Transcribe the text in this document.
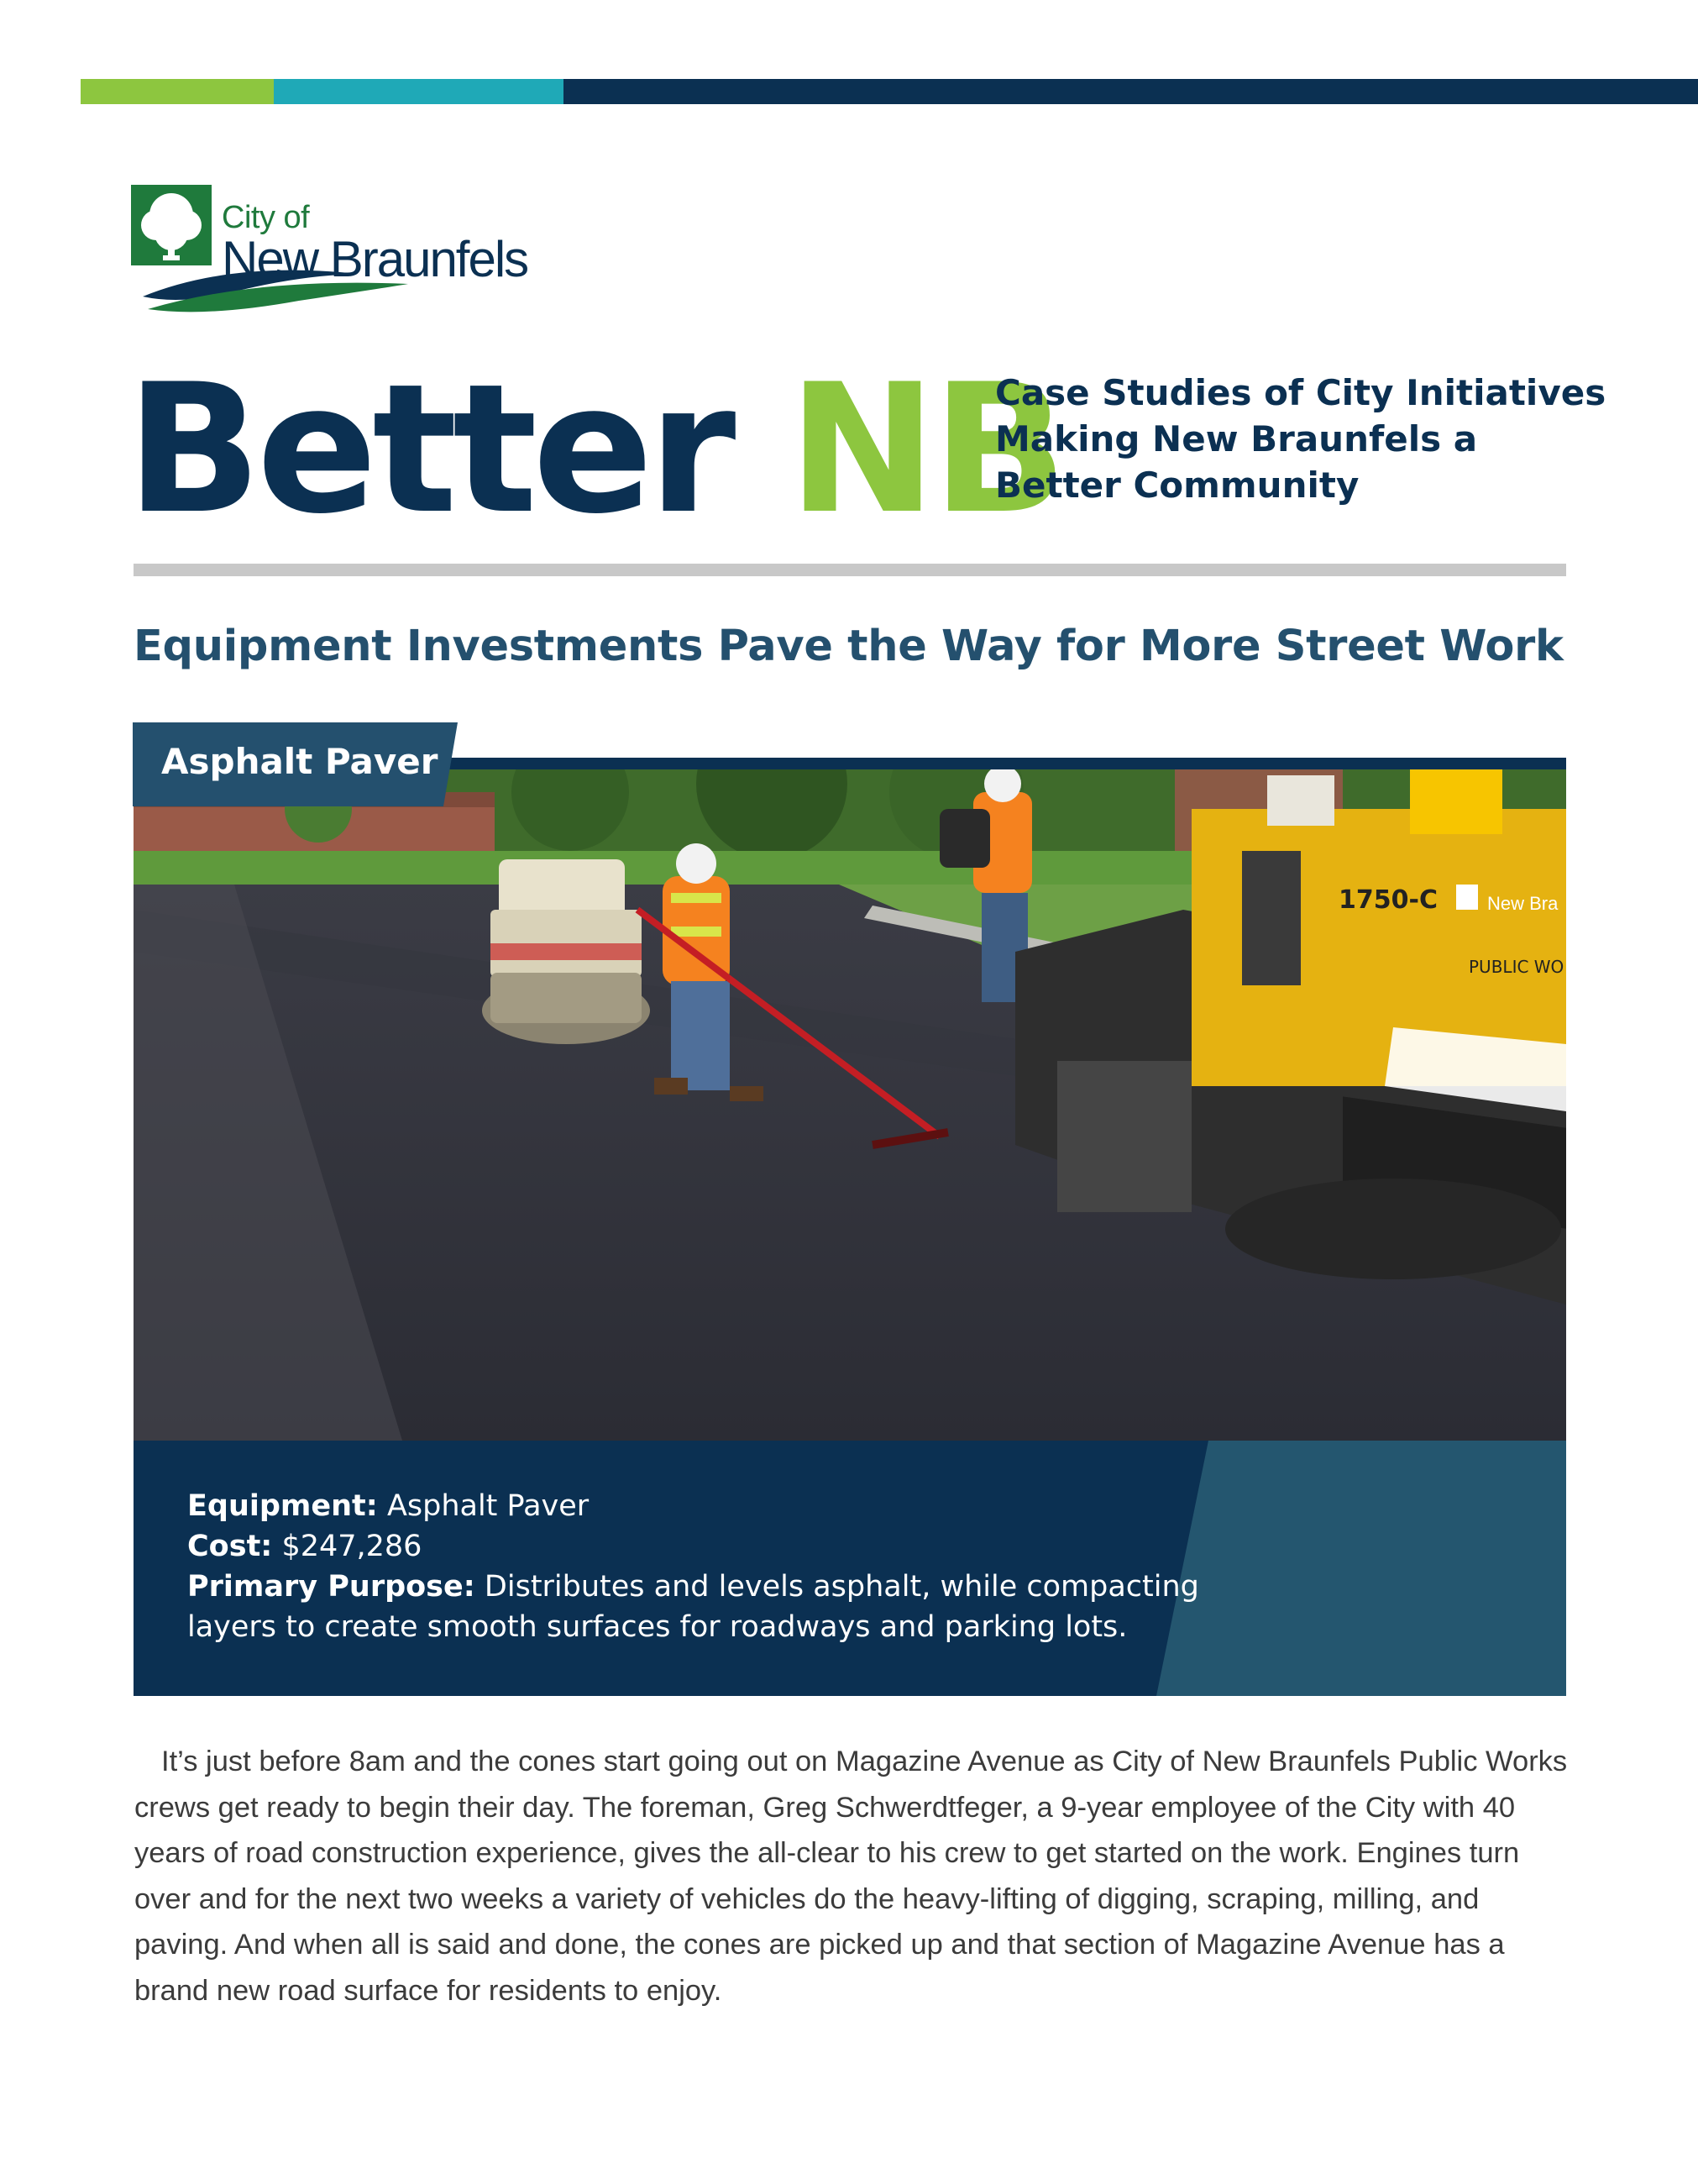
City of
New Braunfels
Better NB
Case Studies of City Initiatives
Making New Braunfels a
Better Community
Equipment Investments Pave the Way for More Street Work
1750-C	New Bra
PUBLIC WO
Asphalt Paver
Equipment: Asphalt Paver
Cost: $247,286
Primary Purpose: Distributes and levels asphalt, while compacting
layers to create smooth surfaces for roadways and parking lots.
It’s just before 8am and the cones start going out on Magazine Avenue as City of New Braunfels Public Works crews get ready to begin their day. The foreman, Greg Schwerdtfeger, a 9-year employee of the City with 40 years of road construction experience, gives the all-clear to his crew to get started on the work. Engines turn over and for the next two weeks a variety of vehicles do the heavy-lifting of digging, scraping, milling, and paving. And when all is said and done, the cones are picked up and that section of Magazine Avenue has a brand new road surface for residents to enjoy.
